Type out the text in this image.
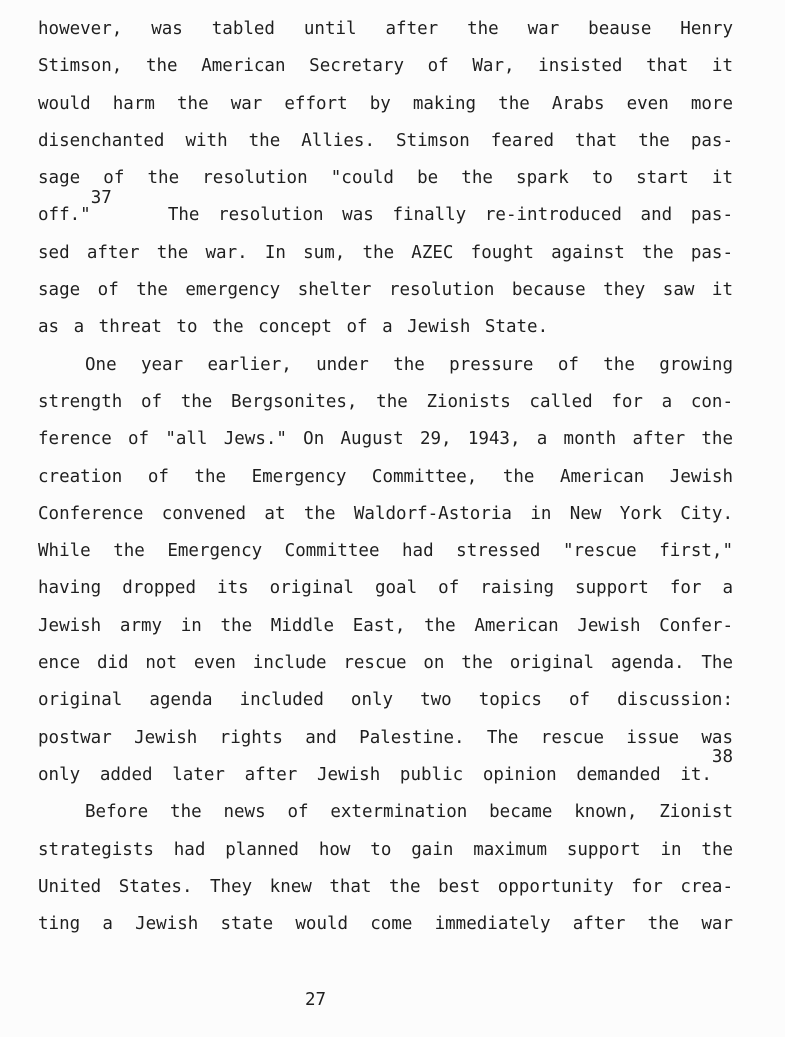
however, was tabled until after the war beause Henry
Stimson, the American Secretary of War, insisted that it
would harm the war effort by making the Arabs even more
disenchanted with the Allies. Stimson feared that the pas-
sage of the resolution "could be the spark to start it
off."37   The resolution was finally re-introduced and pas-
sed after the war. In sum, the AZEC fought against the pas-
sage of the emergency shelter resolution because they saw it
as a threat to the concept of a Jewish State.
One year earlier, under the pressure of the growing
strength of the Bergsonites, the Zionists called for a con-
ference of "all Jews." On August 29, 1943, a month after the
creation of the Emergency Committee, the American Jewish
Conference convened at the Waldorf-Astoria in New York City.
While the Emergency Committee had stressed "rescue first,"
having dropped its original goal of raising support for a
Jewish army in the Middle East, the American Jewish Confer-
ence did not even include rescue on the original agenda. The
original agenda included only two topics of discussion:
postwar Jewish rights and Palestine. The rescue issue was
only added later after Jewish public opinion demanded it.38
Before the news of extermination became known, Zionist
strategists had planned how to gain maximum support in the
United States. They knew that the best opportunity for crea-
ting a Jewish state would come immediately after the war
27
